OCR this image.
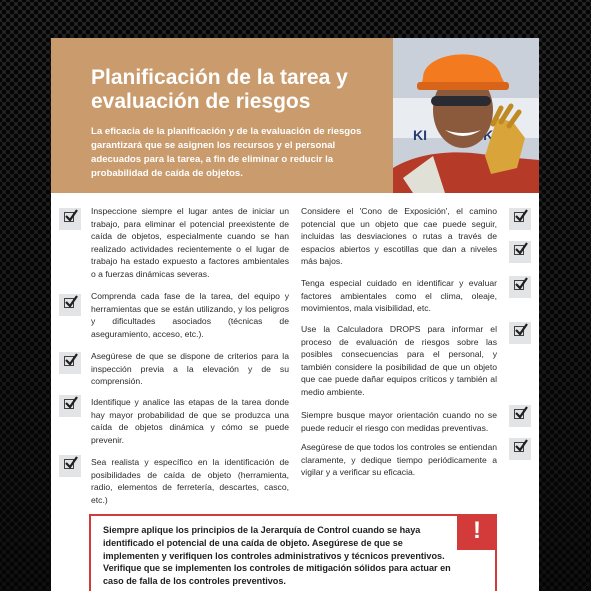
Planificación de la tarea y
evaluación de riesgos

La eficacia de la planificación y de la evaluación de riesgos garantizará que se asignen los recursos y el personal adecuados para la tarea, a fin de eliminar o reducir la probabilidad de caída de objetos.

KI

Inspeccione siempre el lugar antes de iniciar un trabajo, para eliminar el potencial preexistente de caída de objetos, especialmente cuando se han realizado actividades recientemente o el lugar de trabajo ha estado expuesto a factores ambientales o a fuerzas dinámicas severas.

Comprenda cada fase de la tarea, del equipo y herramientas que se están utilizando, y los peligros y dificultades asociados (técnicas de aseguramiento, acceso, etc.).

Asegúrese de que se dispone de criterios para la inspección previa a la elevación y de su comprensión.

Identifique y analice las etapas de la tarea donde hay mayor probabilidad de que se produzca una caída de objetos dinámica y cómo se puede prevenir.

Sea realista y específico en la identificación de posibilidades de caída de objeto (herramienta, radio, elementos de ferretería, descartes, casco, etc.)

Considere el 'Cono de Exposición', el camino potencial que un objeto que cae puede seguir, incluidas las desviaciones o rutas a través de espacios abiertos y escotillas que dan a niveles más bajos.

Tenga especial cuidado en identificar y evaluar factores ambientales como el clima, oleaje, movimientos, mala visibilidad, etc.

Use la Calculadora DROPS para informar el proceso de evaluación de riesgos sobre las posibles consecuencias para el personal, y también considere la posibilidad de que un objeto que cae puede dañar equipos críticos y también al medio ambiente.

Siempre busque mayor orientación cuando no se puede reducir el riesgo con medidas preventivas.

Asegúrese de que todos los controles se entiendan claramente, y dedique tiempo periódicamente a vigilar y a verificar su eficacia.

Siempre aplique los principios de la Jerarquía de Control cuando se haya identificado el potencial de una caída de objeto. Asegúrese de que se implementen y verifiquen los controles administrativos y técnicos preventivos. Verifique que se implementen los controles de mitigación sólidos para actuar en caso de falla de los controles preventivos.

!
